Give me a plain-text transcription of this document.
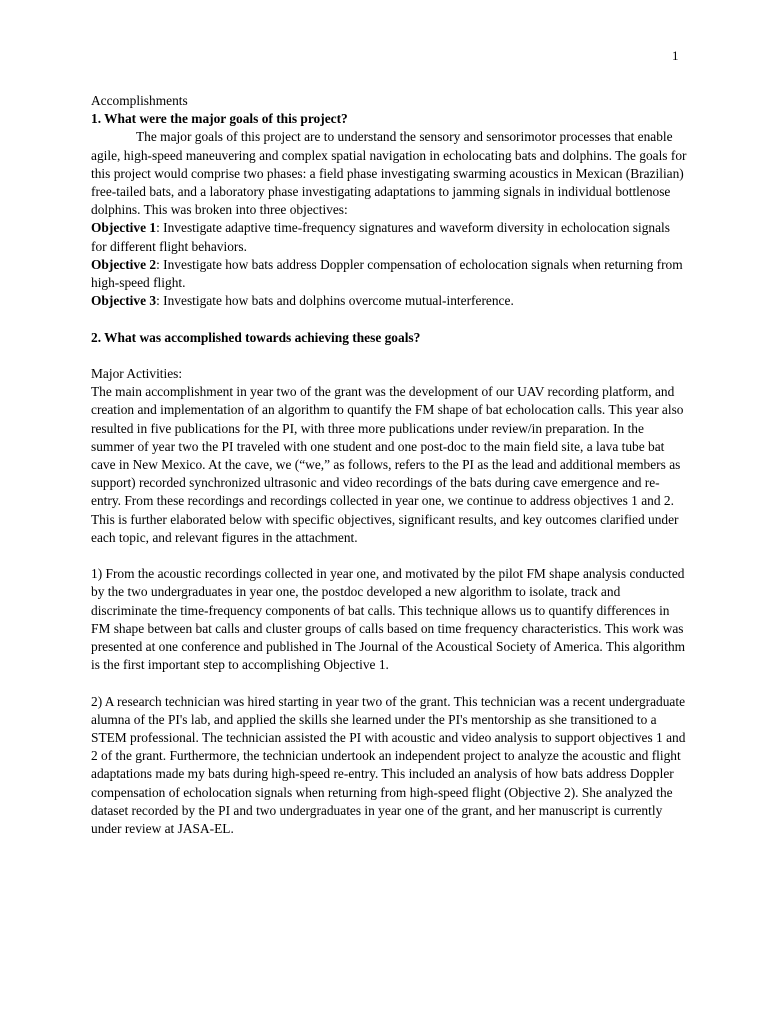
1

Accomplishments

1. What were the major goals of this project?

The major goals of this project are to understand the sensory and sensorimotor processes that enable agile, high-speed maneuvering and complex spatial navigation in echolocating bats and dolphins. The goals for this project would comprise two phases: a field phase investigating swarming acoustics in Mexican (Brazilian) free-tailed bats, and a laboratory phase investigating adaptations to jamming signals in individual bottlenose dolphins. This was broken into three objectives:

Objective 1: Investigate adaptive time-frequency signatures and waveform diversity in echolocation signals for different flight behaviors.

Objective 2: Investigate how bats address Doppler compensation of echolocation signals when returning from high-speed flight.

Objective 3: Investigate how bats and dolphins overcome mutual-interference.

2. What was accomplished towards achieving these goals?

Major Activities:

The main accomplishment in year two of the grant was the development of our UAV recording platform, and creation and implementation of an algorithm to quantify the FM shape of bat echolocation calls. This year also resulted in five publications for the PI, with three more publications under review/in preparation. In the summer of year two the PI traveled with one student and one post-doc to the main field site, a lava tube bat cave in New Mexico. At the cave, we (“we,” as follows, refers to the PI as the lead and additional members as support) recorded synchronized ultrasonic and video recordings of the bats during cave emergence and re-entry. From these recordings and recordings collected in year one, we continue to address objectives 1 and 2. This is further elaborated below with specific objectives, significant results, and key outcomes clarified under each topic, and relevant figures in the attachment.

1) From the acoustic recordings collected in year one, and motivated by the pilot FM shape analysis conducted by the two undergraduates in year one, the postdoc developed a new algorithm to isolate, track and discriminate the time-frequency components of bat calls. This technique allows us to quantify differences in FM shape between bat calls and cluster groups of calls based on time frequency characteristics. This work was presented at one conference and published in The Journal of the Acoustical Society of America. This algorithm is the first important step to accomplishing Objective 1.

2) A research technician was hired starting in year two of the grant. This technician was a recent undergraduate alumna of the PI's lab, and applied the skills she learned under the PI's mentorship as she transitioned to a STEM professional. The technician assisted the PI with acoustic and video analysis to support objectives 1 and 2 of the grant. Furthermore, the technician undertook an independent project to analyze the acoustic and flight adaptations made my bats during high-speed re-entry. This included an analysis of how bats address Doppler compensation of echolocation signals when returning from high-speed flight (Objective 2). She analyzed the dataset recorded by the PI and two undergraduates in year one of the grant, and her manuscript is currently under review at JASA-EL.
